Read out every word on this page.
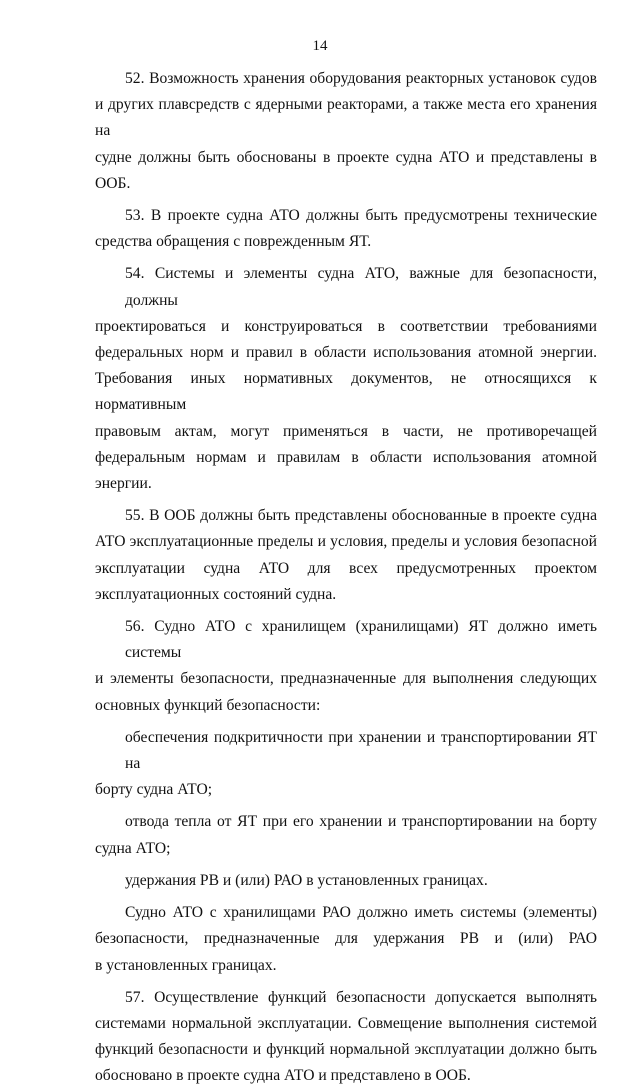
14
52. Возможность хранения оборудования реакторных установок судов
и других плавсредств с ядерными реакторами, а также места его хранения на
судне должны быть обоснованы в проекте судна АТО и представлены в ООБ.
53. В проекте судна АТО должны быть предусмотрены технические
средства обращения с поврежденным ЯТ.
54. Системы и элементы судна АТО, важные для безопасности, должны
проектироваться и конструироваться в соответствии требованиями
федеральных норм и правил в области использования атомной энергии.
Требования иных нормативных документов, не относящихся к нормативным
правовым актам, могут применяться в части, не противоречащей
федеральным нормам и правилам в области использования атомной энергии.
55. В ООБ должны быть представлены обоснованные в проекте судна
АТО эксплуатационные пределы и условия, пределы и условия безопасной
эксплуатации судна АТО для всех предусмотренных проектом
эксплуатационных состояний судна.
56. Судно АТО с хранилищем (хранилищами) ЯТ должно иметь системы
и элементы безопасности, предназначенные для выполнения следующих
основных функций безопасности:
обеспечения подкритичности при хранении и транспортировании ЯТ на
борту судна АТО;
отвода тепла от ЯТ при его хранении и транспортировании на борту
судна АТО;
удержания РВ и (или) РАО в установленных границах.
Судно АТО с хранилищами РАО должно иметь системы (элементы)
безопасности, предназначенные для удержания РВ и (или) РАО
в установленных границах.
57. Осуществление функций безопасности допускается выполнять
системами нормальной эксплуатации. Совмещение выполнения системой
функций безопасности и функций нормальной эксплуатации должно быть
обосновано в проекте судна АТО и представлено в ООБ.
